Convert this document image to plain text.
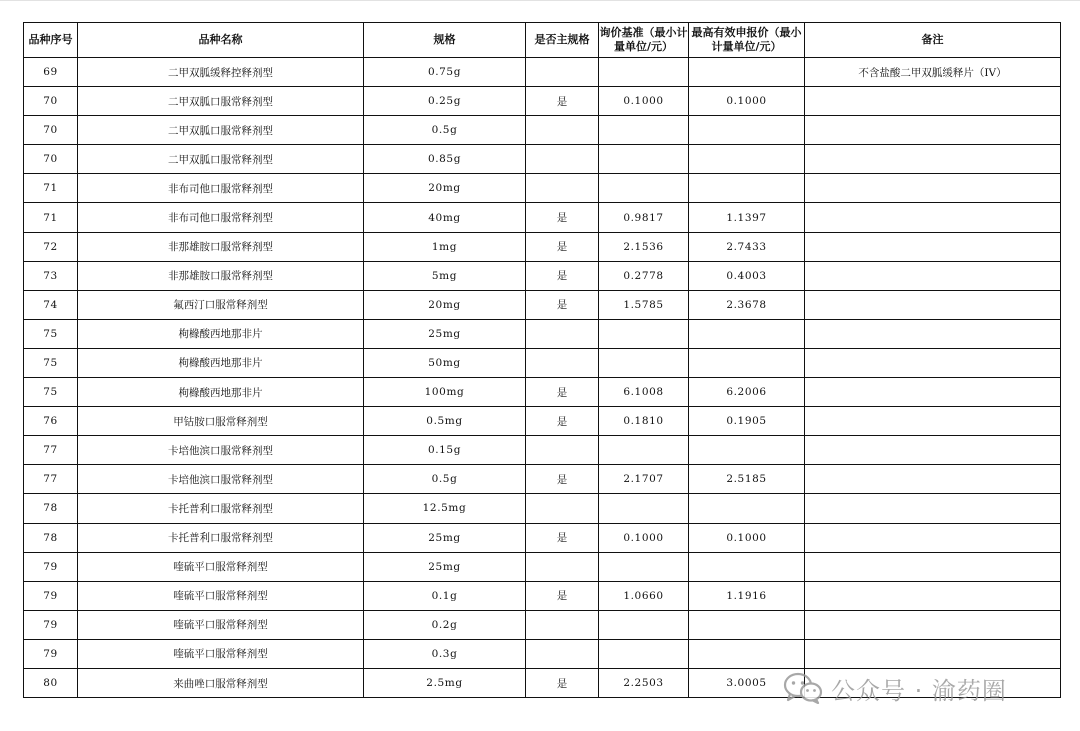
品种序号	品种名称	规格	是否主规格	询价基准（最小计量单位/元）	最高有效申报价（最小计量单位/元）	备注
69	二甲双胍缓释控释剂型	0.75g				不含盐酸二甲双胍缓释片（IV）
70	二甲双胍口服常释剂型	0.25g	是	0.1000	0.1000	
70	二甲双胍口服常释剂型	0.5g				
70	二甲双胍口服常释剂型	0.85g				
71	非布司他口服常释剂型	20mg				
71	非布司他口服常释剂型	40mg	是	0.9817	1.1397	
72	非那雄胺口服常释剂型	1mg	是	2.1536	2.7433	
73	非那雄胺口服常释剂型	5mg	是	0.2778	0.4003	
74	氟西汀口服常释剂型	20mg	是	1.5785	2.3678	
75	枸橼酸西地那非片	25mg				
75	枸橼酸西地那非片	50mg				
75	枸橼酸西地那非片	100mg	是	6.1008	6.2006	
76	甲钴胺口服常释剂型	0.5mg	是	0.1810	0.1905	
77	卡培他滨口服常释剂型	0.15g				
77	卡培他滨口服常释剂型	0.5g	是	2.1707	2.5185	
78	卡托普利口服常释剂型	12.5mg				
78	卡托普利口服常释剂型	25mg	是	0.1000	0.1000	
79	喹硫平口服常释剂型	25mg				
79	喹硫平口服常释剂型	0.1g	是	1.0660	1.1916	
79	喹硫平口服常释剂型	0.2g				
79	喹硫平口服常释剂型	0.3g				
80	来曲唑口服常释剂型	2.5mg	是	2.2503	3.0005		公众号 · 渝药圈
